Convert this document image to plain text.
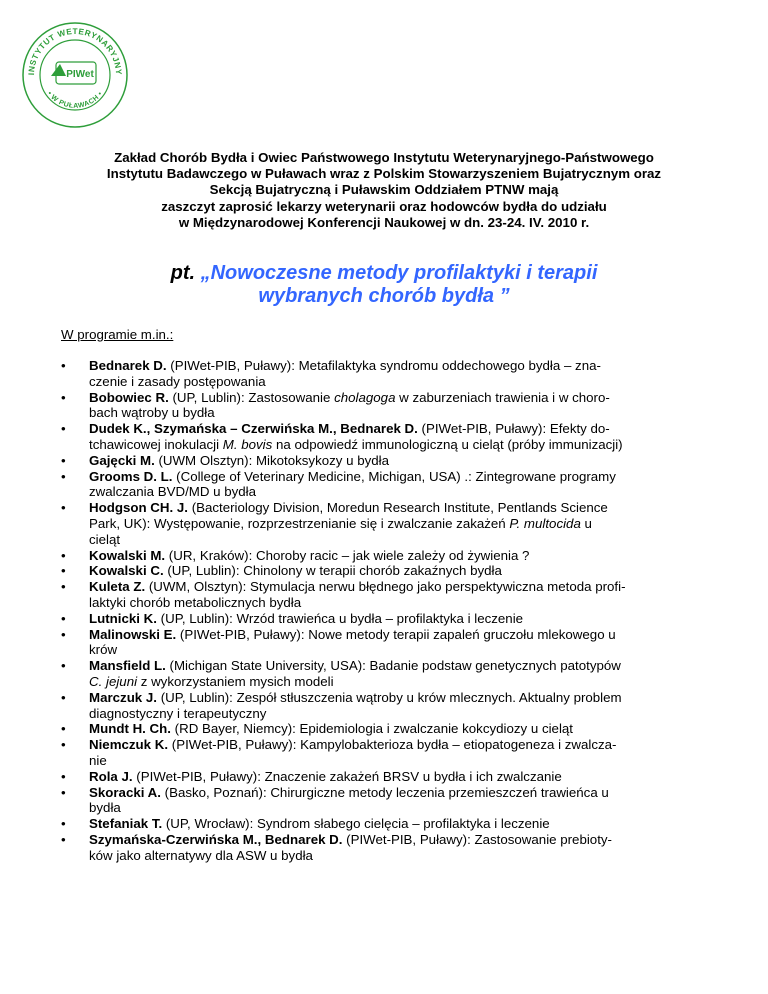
INSTYTUT WETERYNARYJNY
• W PUŁAWACH •
PIWet
Zakład Chorób Bydła i Owiec Państwowego Instytutu Weterynaryjnego-Państwowego
Instytutu Badawczego w Puławach wraz z Polskim Stowarzyszeniem Bujatrycznym oraz
Sekcją Bujatryczną i Puławskim Oddziałem PTNW mają
zaszczyt zaprosić lekarzy weterynarii oraz hodowców bydła do udziału
w Międzynarodowej Konferencji Naukowej w dn. 23-24. IV. 2010 r.
pt. „Nowoczesne metody profilaktyki i terapii
wybranych chorób bydła ”
W programie m.in.:
• Bednarek D. (PIWet-PIB, Puławy): Metafilaktyka syndromu oddechowego bydła – zna-
czenie i zasady postępowania
• Bobowiec R. (UP, Lublin): Zastosowanie cholagoga w zaburzeniach trawienia i w choro-
bach wątroby u bydła
• Dudek K., Szymańska – Czerwińska M., Bednarek D. (PIWet-PIB, Puławy): Efekty do-
tchawicowej inokulacji M. bovis na odpowiedź immunologiczną u cieląt (próby immunizacji)
• Gajęcki M. (UWM Olsztyn): Mikotoksykozy u bydła
• Grooms D. L. (College of Veterinary Medicine, Michigan, USA) .: Zintegrowane programy
zwalczania BVD/MD u bydła
• Hodgson CH. J. (Bacteriology Division, Moredun Research Institute, Pentlands Science
Park, UK): Występowanie, rozprzestrzenianie się i zwalczanie zakażeń P. multocida u
cieląt
• Kowalski M. (UR, Kraków): Choroby racic – jak wiele zależy od żywienia ?
• Kowalski C. (UP, Lublin): Chinolony w terapii chorób zakaźnych bydła
• Kuleta Z. (UWM, Olsztyn): Stymulacja nerwu błędnego jako perspektywiczna metoda profi-
laktyki chorób metabolicznych bydła
• Lutnicki K. (UP, Lublin): Wrzód trawieńca u bydła – profilaktyka i leczenie
• Malinowski E. (PIWet-PIB, Puławy): Nowe metody terapii zapaleń gruczołu mlekowego u
krów
• Mansfield L. (Michigan State University, USA): Badanie podstaw genetycznych patotypów
C. jejuni z wykorzystaniem mysich modeli
• Marczuk J. (UP, Lublin): Zespół stłuszczenia wątroby u krów mlecznych. Aktualny problem
diagnostyczny i terapeutyczny
• Mundt H. Ch. (RD Bayer, Niemcy): Epidemiologia i zwalczanie kokcydiozy u cieląt
• Niemczuk K. (PIWet-PIB, Puławy): Kampylobakterioza bydła – etiopatogeneza i zwalcza-
nie
• Rola J. (PIWet-PIB, Puławy): Znaczenie zakażeń BRSV u bydła i ich zwalczanie
• Skoracki A. (Basko, Poznań): Chirurgiczne metody leczenia przemieszczeń trawieńca u
bydła
• Stefaniak T. (UP, Wrocław): Syndrom słabego cielęcia – profilaktyka i leczenie
• Szymańska-Czerwińska M., Bednarek D. (PIWet-PIB, Puławy): Zastosowanie prebioty-
ków jako alternatywy dla ASW u bydła
